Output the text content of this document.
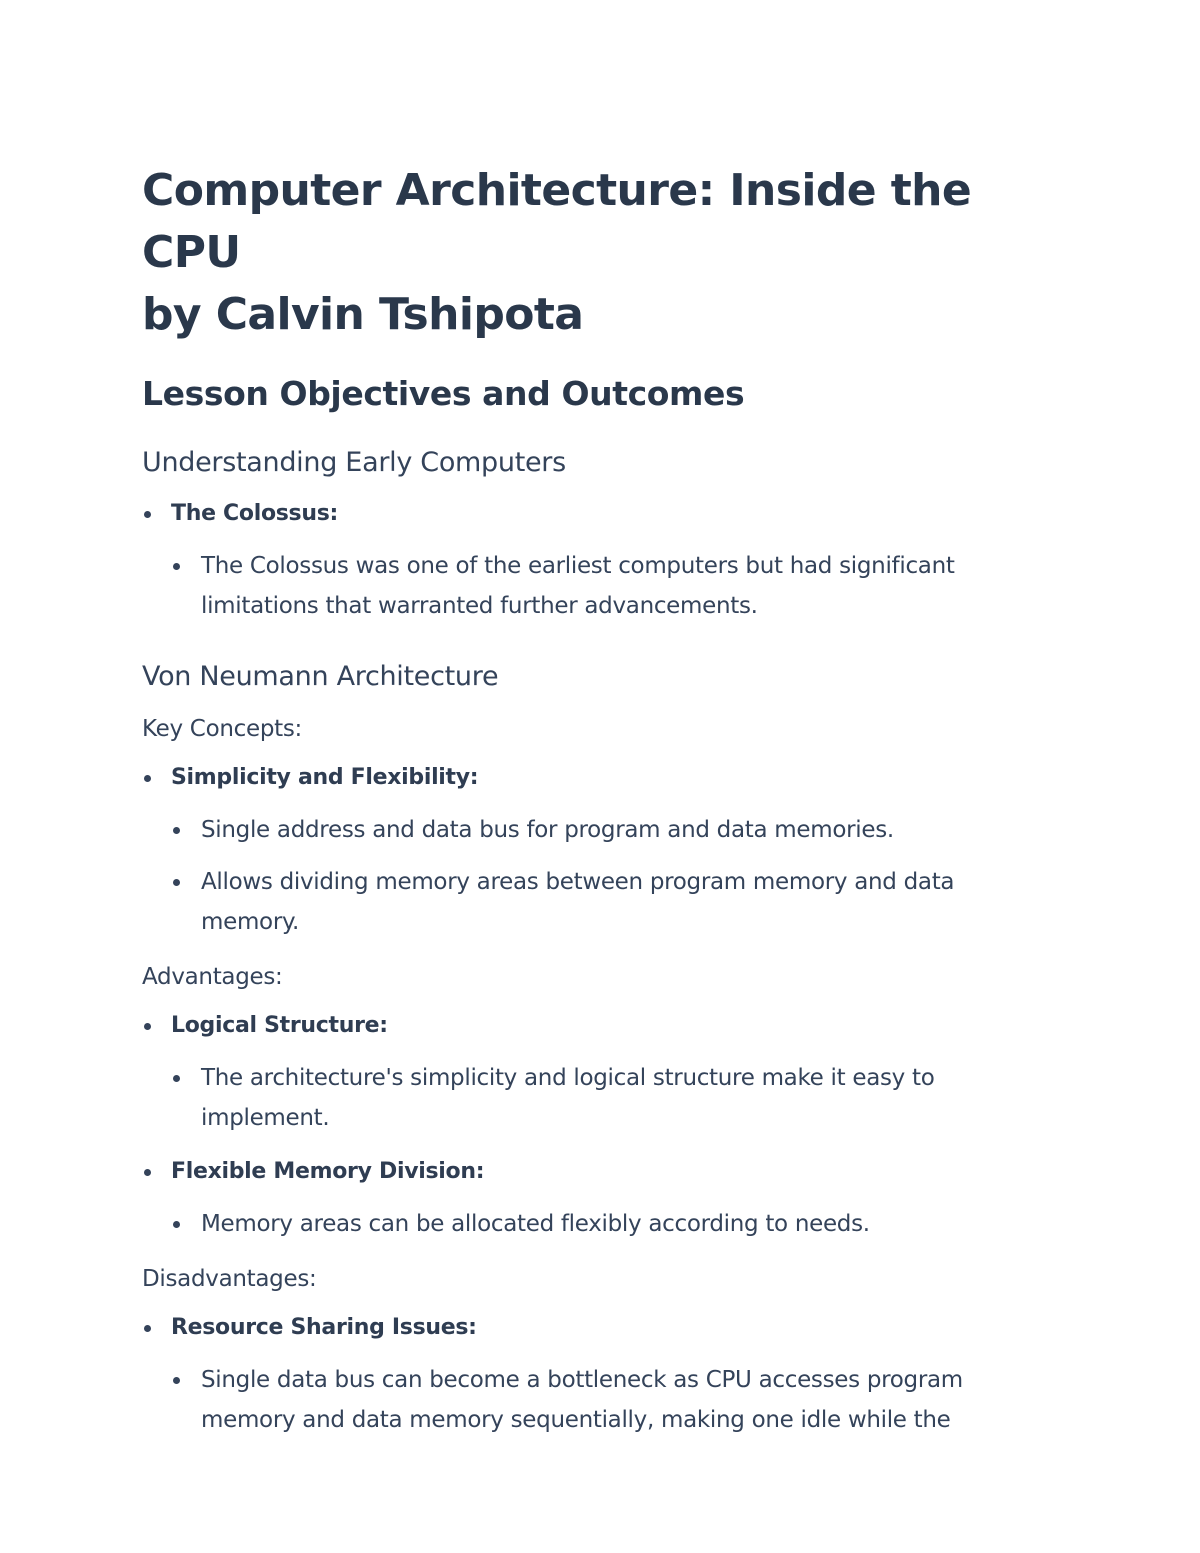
Computer Architecture: Inside the CPU
by Calvin Tshipota
Lesson Objectives and Outcomes
Understanding Early Computers
The Colossus:
The Colossus was one of the earliest computers but had significant limitations that warranted further advancements.
Von Neumann Architecture

Key Concepts:

Simplicity and Flexibility:
Single address and data bus for program and data memories.
Allows dividing memory areas between program memory and data memory.

Advantages:

Logical Structure:
The architecture's simplicity and logical structure make it easy to implement.
Flexible Memory Division:
Memory areas can be allocated flexibly according to needs.

Disadvantages:

Resource Sharing Issues:
Single data bus can become a bottleneck as CPU accesses program memory and data memory sequentially, making one idle while the
